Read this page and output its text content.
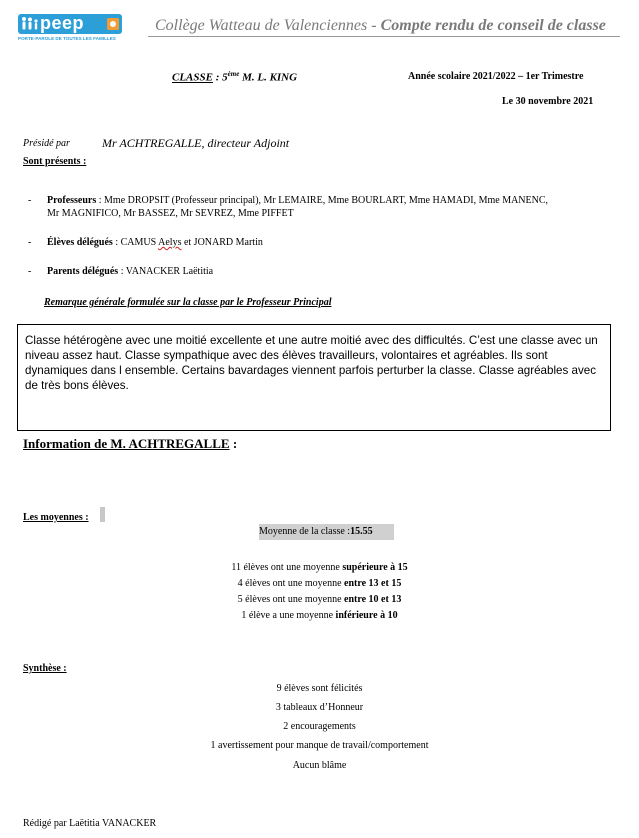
peep
PORTE-PAROLE DE TOUTES LES FAMILLES
Collège Watteau de Valenciennes - Compte rendu de conseil de classe
CLASSE : 5ème M. L. KING	Année scolaire 2021/2022 – 1er Trimestre
Le 30 novembre 2021
Présidé par	Mr ACHTREGALLE, directeur Adjoint
Sont présents :
- Professeurs : Mme DROPSIT (Professeur principal), Mr LEMAIRE, Mme BOURLART, Mme HAMADI, Mme MANENC,
Mr MAGNIFICO, Mr BASSEZ, Mr SEVREZ, Mme PIFFET
- Élèves délégués : CAMUS Aelys et JONARD Martin
- Parents délégués : VANACKER Laëtitia
Remarque générale formulée sur la classe par le Professeur Principal
Classe hétérogène avec une moitié excellente et une autre moitié avec des difficultés. C’est une classe avec un niveau assez haut. Classe sympathique avec des élèves travailleurs, volontaires et agréables. Ils sont dynamiques dans l ensemble. Certains bavardages viennent parfois perturber la classe. Classe agréables avec de très bons élèves.
Information de M. ACHTREGALLE :
Les moyennes :
Moyenne de la classe :15.55
11 élèves ont une moyenne supérieure à 15
4 élèves ont une moyenne entre 13 et 15
5 élèves ont une moyenne entre 10 et 13
1 élève a une moyenne inférieure à 10
Synthèse :
9 élèves sont félicités
3 tableaux d’Honneur
2 encouragements
1 avertissement pour manque de travail/comportement
Aucun blâme
Rédigé par Laëtitia VANACKER
